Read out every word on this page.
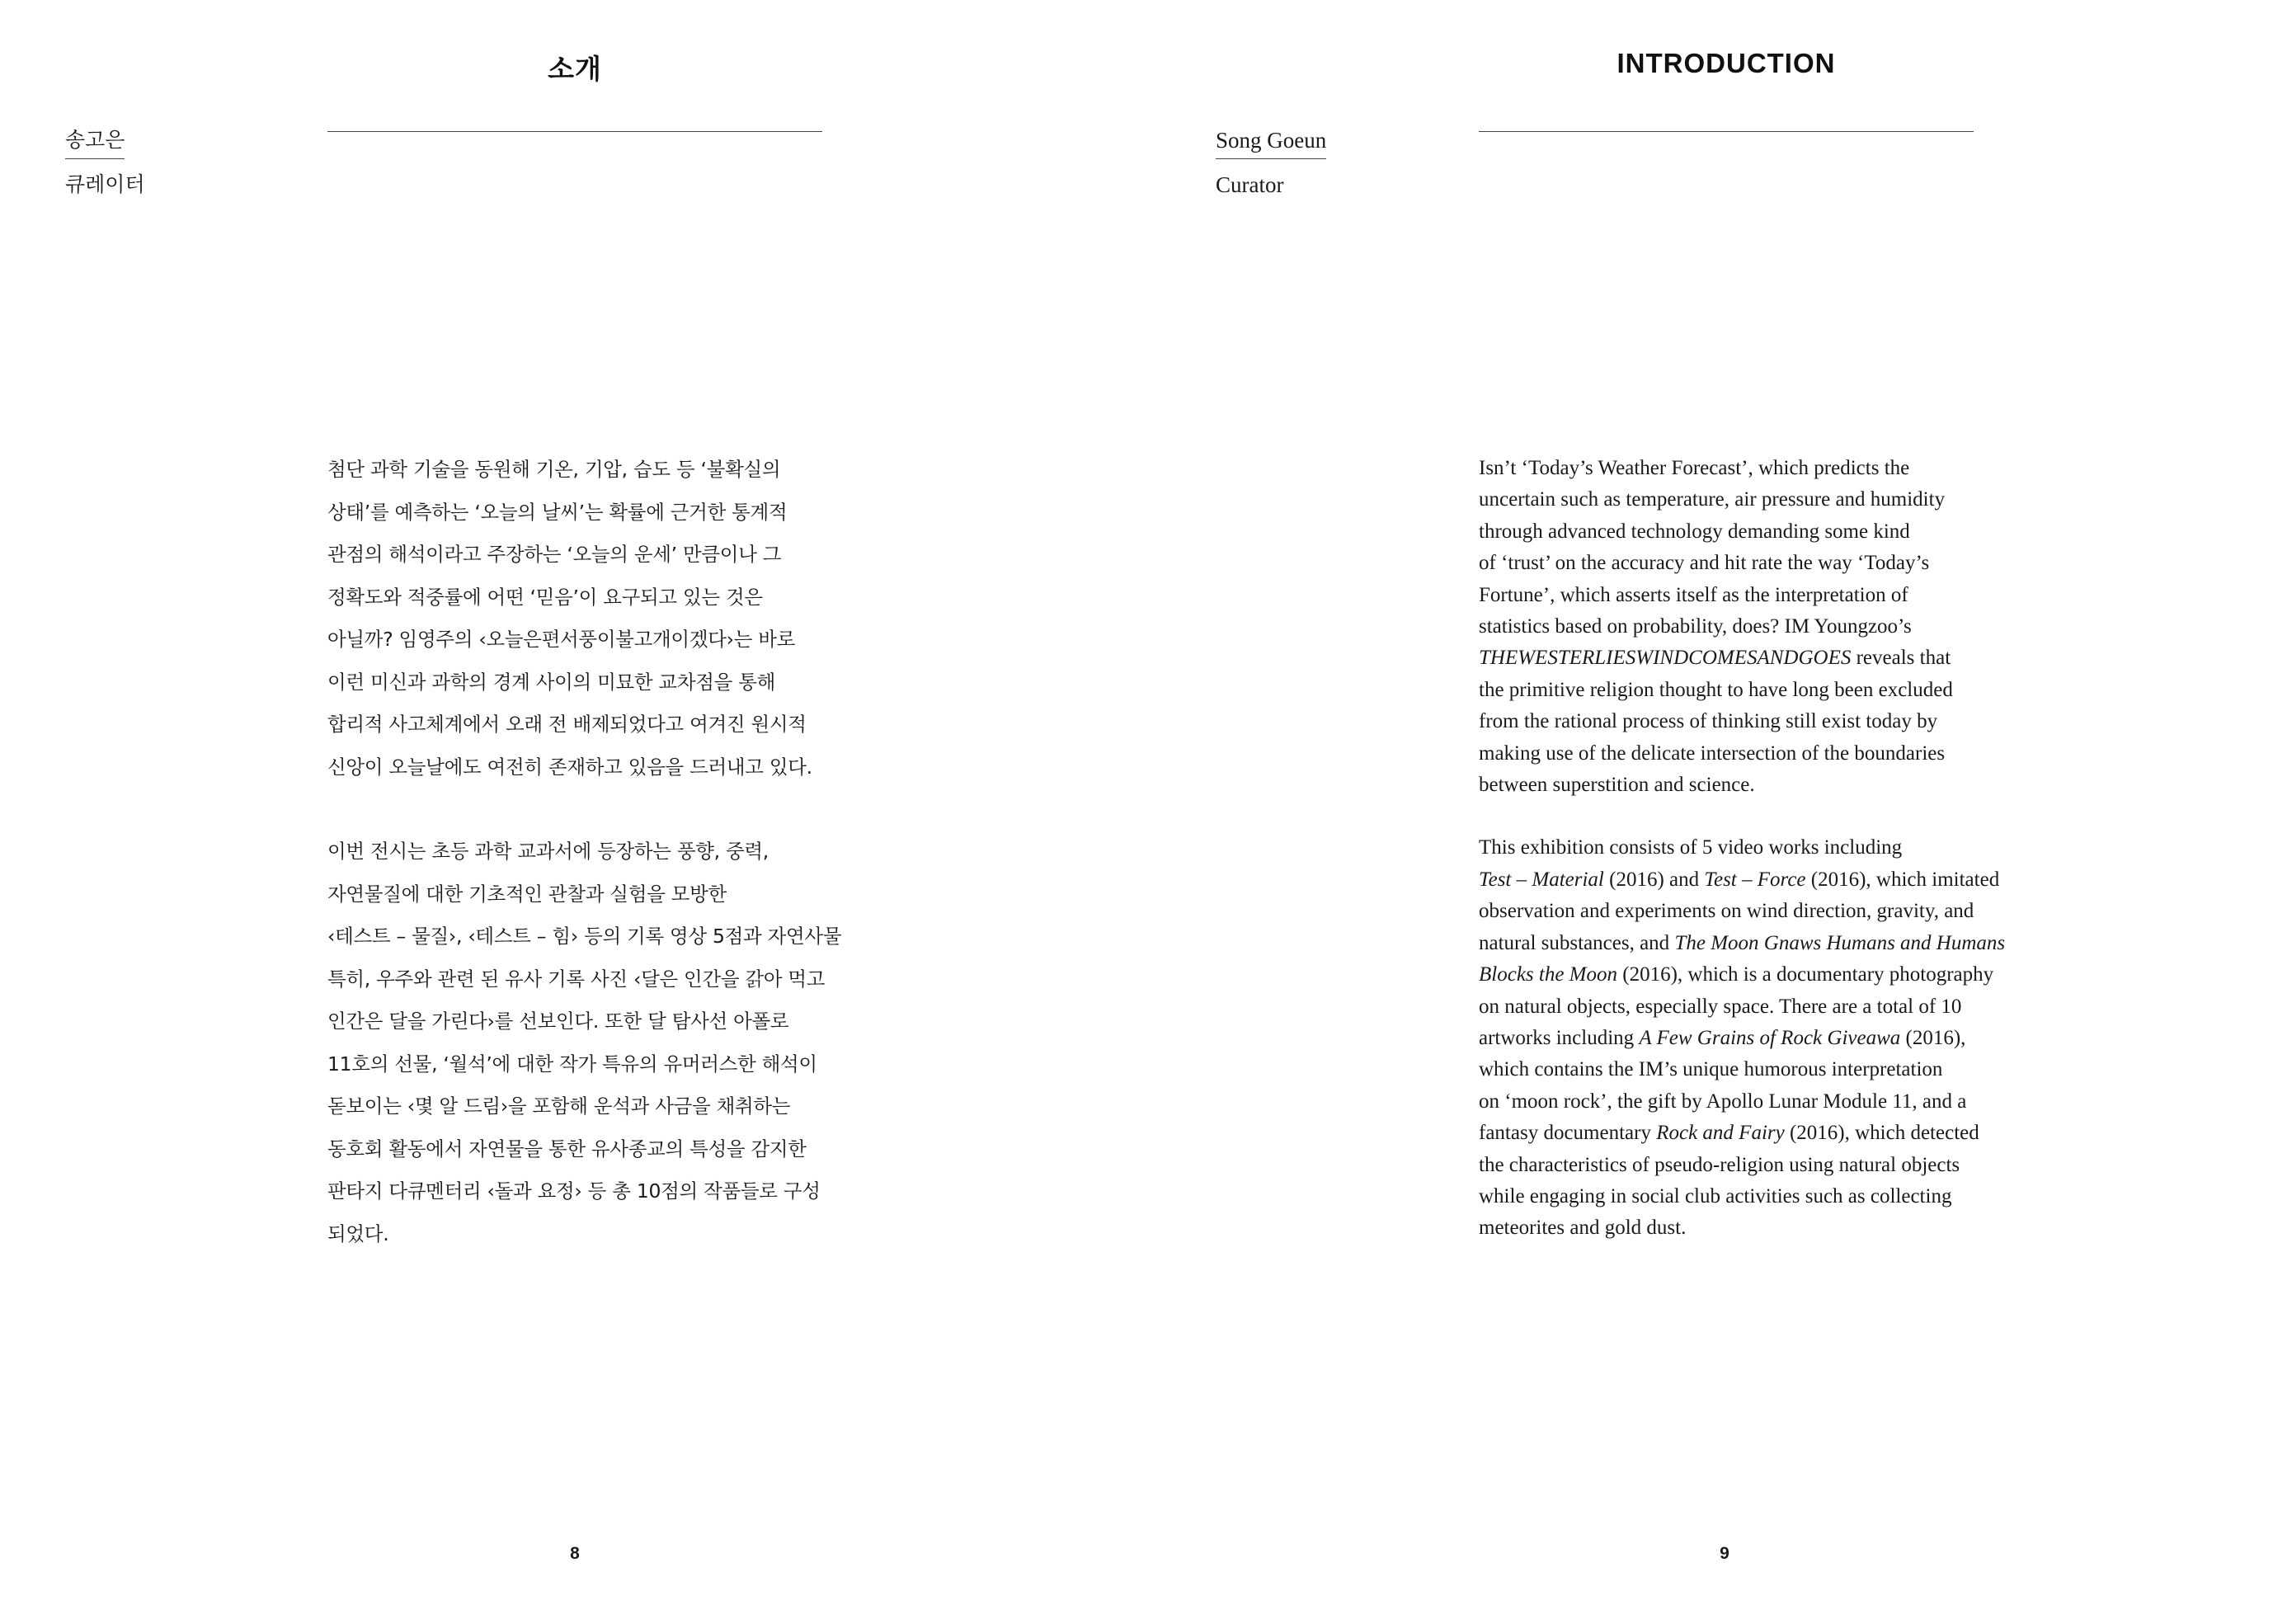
소개
송고은
큐레이터

첨단 과학 기술을 동원해 기온, 기압, 습도 등 ‘불확실의
상태’를 예측하는 ‘오늘의 날씨’는 확률에 근거한 통계적
관점의 해석이라고 주장하는 ‘오늘의 운세’ 만큼이나 그
정확도와 적중률에 어떤 ‘믿음’이 요구되고 있는 것은
아닐까? 임영주의 ‹오늘은편서풍이불고개이겠다›는 바로
이런 미신과 과학의 경계 사이의 미묘한 교차점을 통해
합리적 사고체계에서 오래 전 배제되었다고 여겨진 원시적
신앙이 오늘날에도 여전히 존재하고 있음을 드러내고 있다.

이번 전시는 초등 과학 교과서에 등장하는 풍향, 중력,
자연물질에 대한 기초적인 관찰과 실험을 모방한
‹테스트 – 물질›, ‹테스트 – 힘› 등의 기록 영상 5점과 자연사물
특히, 우주와 관련 된 유사 기록 사진 ‹달은 인간을 갉아 먹고
인간은 달을 가린다›를 선보인다. 또한 달 탐사선 아폴로
11호의 선물, ‘월석’에 대한 작가 특유의 유머러스한 해석이
돋보이는 ‹몇 알 드림›을 포함해 운석과 사금을 채취하는
동호회 활동에서 자연물을 통한 유사종교의 특성을 감지한
판타지 다큐멘터리 ‹돌과 요정› 등 총 10점의 작품들로 구성
되었다.

8
INTRODUCTION
Song Goeun
Curator

Isn’t ‘Today’s Weather Forecast’, which predicts the
uncertain such as temperature, air pressure and humidity
through advanced technology demanding some kind
of ‘trust’ on the accuracy and hit rate the way ‘Today’s
Fortune’, which asserts itself as the interpretation of
statistics based on probability, does? IM Youngzoo’s
THEWESTERLIESWINDCOMESANDGOES reveals that
the primitive religion thought to have long been excluded
from the rational process of thinking still exist today by
making use of the delicate intersection of the boundaries
between superstition and science.

This exhibition consists of 5 video works including
Test – Material (2016) and Test – Force (2016), which imitated
observation and experiments on wind direction, gravity, and
natural substances, and The Moon Gnaws Humans and Humans
Blocks the Moon (2016), which is a documentary photography
on natural objects, especially space. There are a total of 10
artworks including A Few Grains of Rock Giveawa (2016),
which contains the IM’s unique humorous interpretation
on ‘moon rock’, the gift by Apollo Lunar Module 11, and a
fantasy documentary Rock and Fairy (2016), which detected
the characteristics of pseudo-religion using natural objects
while engaging in social club activities such as collecting
meteorites and gold dust.

9
